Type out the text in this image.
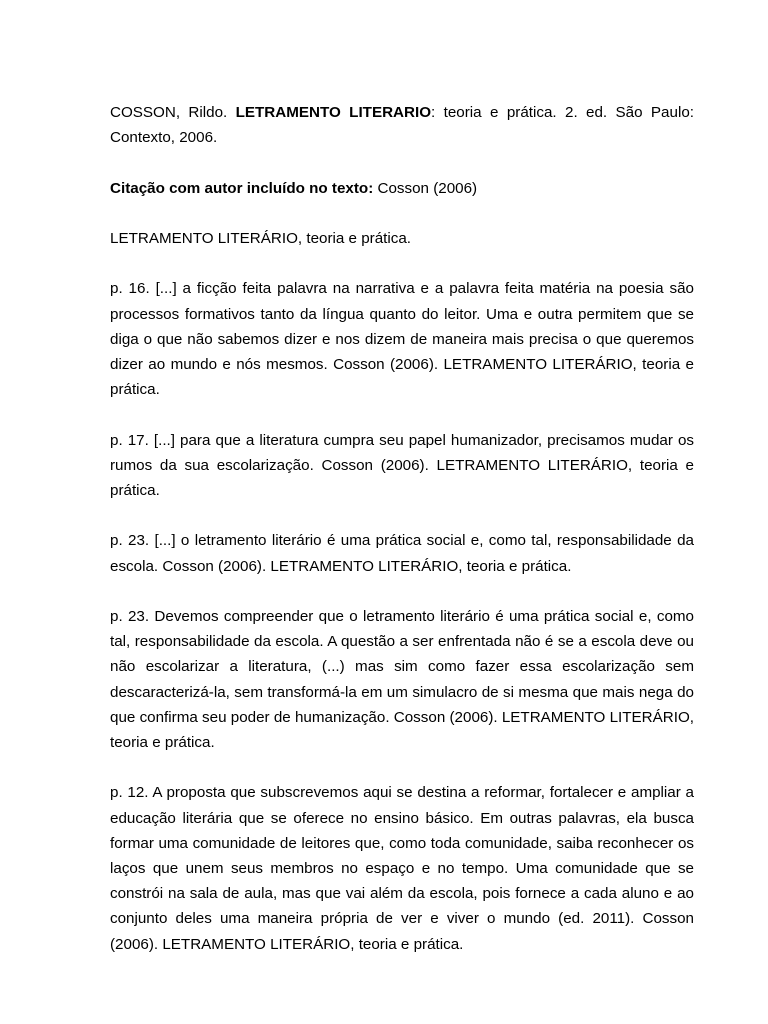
COSSON, Rildo. LETRAMENTO LITERARIO: teoria e prática. 2. ed. São Paulo: Contexto, 2006.

Citação com autor incluído no texto: Cosson (2006)

LETRAMENTO LITERÁRIO, teoria e prática.

p. 16. [...] a ficção feita palavra na narrativa e a palavra feita matéria na poesia são processos formativos tanto da língua quanto do leitor. Uma e outra permitem que se diga o que não sabemos dizer e nos dizem de maneira mais precisa o que queremos dizer ao mundo e nós mesmos. Cosson (2006). LETRAMENTO LITERÁRIO, teoria e prática.

p. 17. [...] para que a literatura cumpra seu papel humanizador, precisamos mudar os rumos da sua escolarização. Cosson (2006). LETRAMENTO LITERÁRIO, teoria e prática.

p. 23. [...] o letramento literário é uma prática social e, como tal, responsabilidade da escola. Cosson (2006). LETRAMENTO LITERÁRIO, teoria e prática.

p. 23. Devemos compreender que o letramento literário é uma prática social e, como tal, responsabilidade da escola. A questão a ser enfrentada não é se a escola deve ou não escolarizar a literatura, (...) mas sim como fazer essa escolarização sem descaracterizá-la, sem transformá-la em um simulacro de si mesma que mais nega do que confirma seu poder de humanização. Cosson (2006). LETRAMENTO LITERÁRIO, teoria e prática.

p. 12. A proposta que subscrevemos aqui se destina a reformar, fortalecer e ampliar a educação literária que se oferece no ensino básico. Em outras palavras, ela busca formar uma comunidade de leitores que, como toda comunidade, saiba reconhecer os laços que unem seus membros no espaço e no tempo. Uma comunidade que se constrói na sala de aula, mas que vai além da escola, pois fornece a cada aluno e ao conjunto deles uma maneira própria de ver e viver o mundo (ed. 2011). Cosson (2006). LETRAMENTO LITERÁRIO, teoria e prática.
